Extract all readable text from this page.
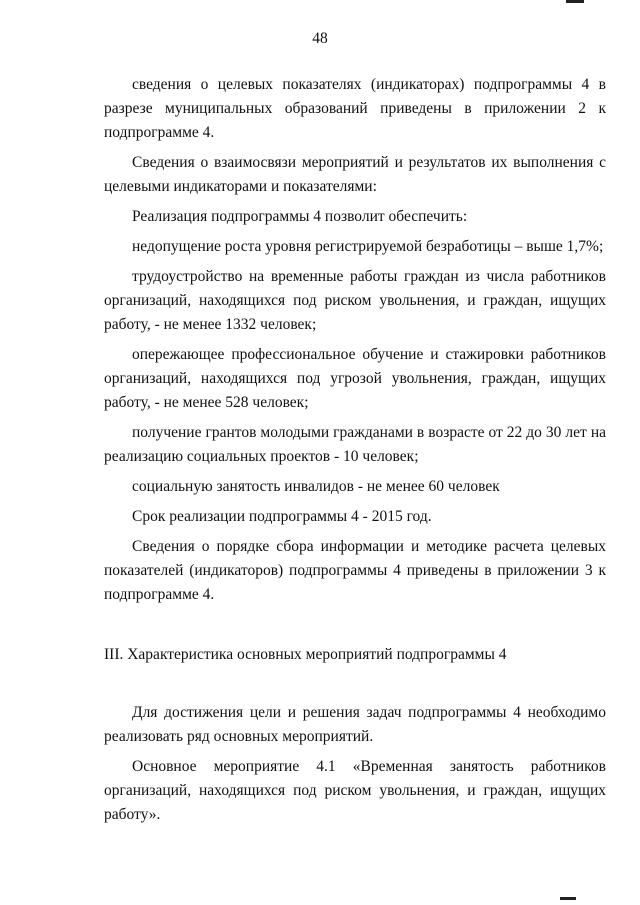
48

сведения о целевых показателях (индикаторах) подпрограммы 4 в разрезе муниципальных образований приведены в приложении 2 к подпрограмме 4.

Сведения о взаимосвязи мероприятий и результатов их выполнения с целевыми индикаторами и показателями:

Реализация подпрограммы 4 позволит обеспечить:

недопущение роста уровня регистрируемой безработицы – выше 1,7%;

трудоустройство на временные работы граждан из числа работников организаций, находящихся под риском увольнения, и граждан, ищущих работу, - не менее 1332 человек;

опережающее профессиональное обучение и стажировки работников организаций, находящихся под угрозой увольнения, граждан, ищущих работу, - не менее 528 человек;

получение грантов молодыми гражданами в возрасте от 22 до 30 лет на реализацию социальных проектов - 10 человек;

социальную занятость инвалидов - не менее 60 человек

Срок реализации подпрограммы 4 - 2015 год.

Сведения о порядке сбора информации и методике расчета целевых показателей (индикаторов) подпрограммы 4 приведены в приложении 3 к подпрограмме 4.

III. Характеристика основных мероприятий подпрограммы 4

Для достижения цели и решения задач подпрограммы 4 необходимо реализовать ряд основных мероприятий.

Основное мероприятие 4.1 «Временная занятость работников организаций, находящихся под риском увольнения, и граждан, ищущих работу».
